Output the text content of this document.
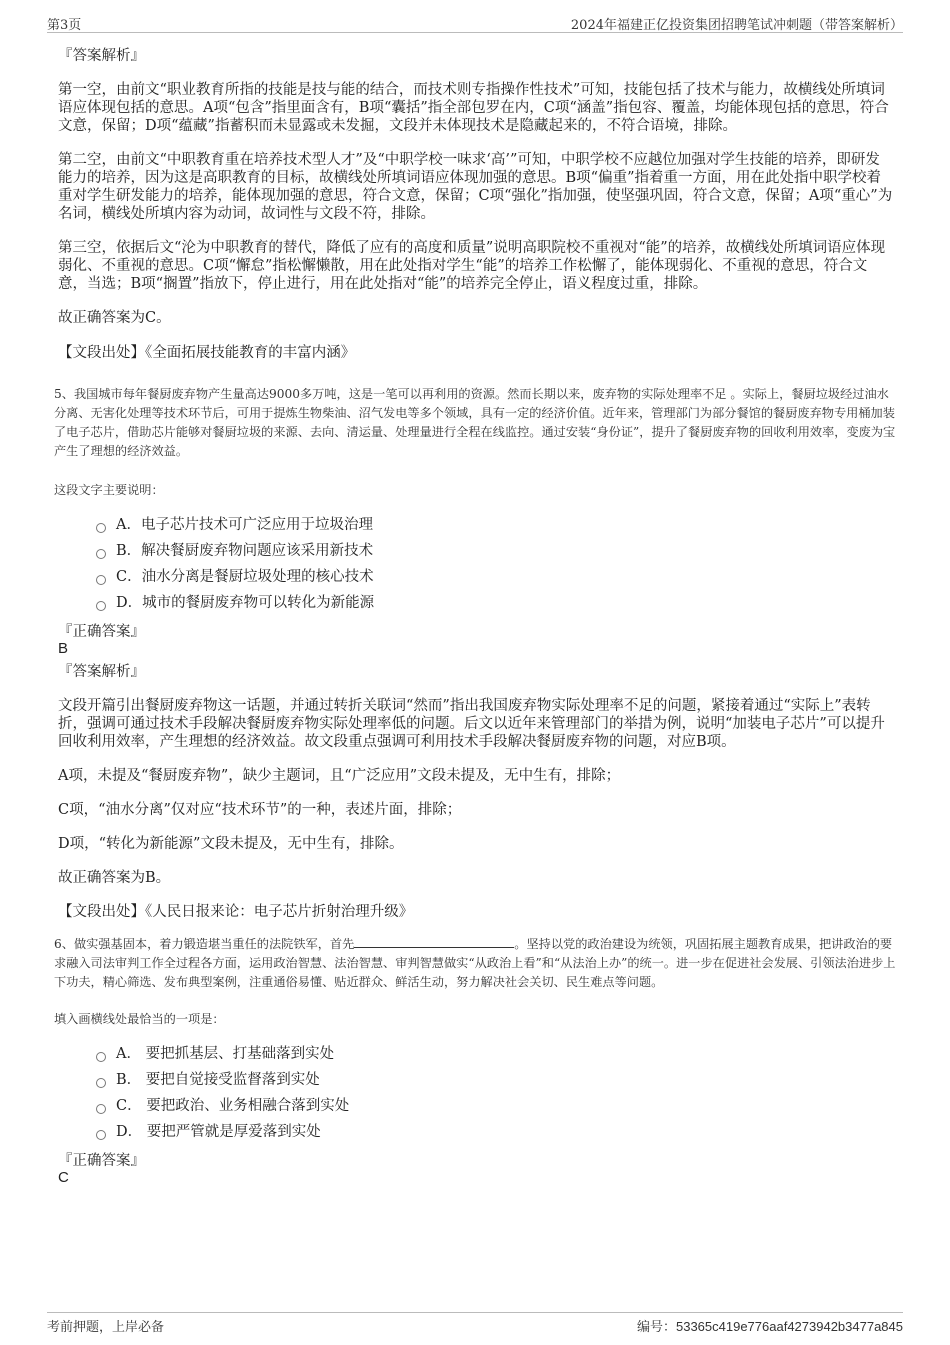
第3页	2024年福建正亿投资集团招聘笔试冲刺题（带答案解析）
『答案解析』

第一空，由前文“职业教育所指的技能是技与能的结合，而技术则专指操作性技术”可知，技能包括了技术与能力，故横线处所填词语应体现包括的意思。A项“包含”指里面含有，B项“囊括”指全部包罗在内，C项“涵盖”指包容、覆盖，均能体现包括的意思，符合文意，保留；D项“蕴藏”指蓄积而未显露或未发掘，文段并未体现技术是隐藏起来的，不符合语境，排除。

第二空，由前文“中职教育重在培养技术型人才”及“中职学校一味求‘高’”可知，中职学校不应越位加强对学生技能的培养，即研发能力的培养，因为这是高职教育的目标，故横线处所填词语应体现加强的意思。B项“偏重”指着重一方面，用在此处指中职学校着重对学生研发能力的培养，能体现加强的意思，符合文意，保留；C项“强化”指加强，使坚强巩固，符合文意，保留；A项“重心”为名词，横线处所填内容为动词，故词性与文段不符，排除。

第三空，依据后文“沦为中职教育的替代，降低了应有的高度和质量”说明高职院校不重视对“能”的培养，故横线处所填词语应体现弱化、不重视的意思。C项“懈怠”指松懈懒散，用在此处指对学生“能”的培养工作松懈了，能体现弱化、不重视的意思，符合文意，当选；B项“搁置”指放下，停止进行，用在此处指对“能”的培养完全停止，语义程度过重，排除。

故正确答案为C。
【文段出处】《全面拓展技能教育的丰富内涵》

5、我国城市每年餐厨废弃物产生量高达9000多万吨，这是一笔可以再利用的资源。然而长期以来，废弃物的实际处理率不足 。实际上，餐厨垃圾经过油水分离、无害化处理等技术环节后，可用于提炼生物柴油、沼气发电等多个领域，具有一定的经济价值。近年来，管理部门为部分餐馆的餐厨废弃物专用桶加装了电子芯片，借助芯片能够对餐厨垃圾的来源、去向、清运量、处理量进行全程在线监控。通过安装“身份证”，提升了餐厨废弃物的回收利用效率，变废为宝产生了理想的经济效益。

这段文字主要说明：
A．电子芯片技术可广泛应用于垃圾治理
B．解决餐厨废弃物问题应该采用新技术
C．油水分离是餐厨垃圾处理的核心技术
D．城市的餐厨废弃物可以转化为新能源
『正确答案』
B
『答案解析』

文段开篇引出餐厨废弃物这一话题，并通过转折关联词“然而”指出我国废弃物实际处理率不足的问题，紧接着通过“实际上”表转折，强调可通过技术手段解决餐厨废弃物实际处理率低的问题。后文以近年来管理部门的举措为例，说明“加装电子芯片”可以提升回收利用效率，产生理想的经济效益。故文段重点强调可利用技术手段解决餐厨废弃物的问题，对应B项。

A项，未提及“餐厨废弃物”，缺少主题词，且“广泛应用”文段未提及，无中生有，排除；
C项，“油水分离”仅对应“技术环节”的一种，表述片面，排除；
D项，“转化为新能源”文段未提及，无中生有，排除。
故正确答案为B。
【文段出处】《人民日报来论：电子芯片折射治理升级》

6、做实强基固本，着力锻造堪当重任的法院铁军，首先	。坚持以党的政治建设为统领，巩固拓展主题教育成果，把讲政治的要求融入司法审判工作全过程各方面，运用政治智慧、法治智慧、审判智慧做实“从政治上看”和“从法治上办”的统一。进一步在促进社会发展、引领法治进步上下功夫，精心筛选、发布典型案例，注重通俗易懂、贴近群众、鲜活生动，努力解决社会关切、民生难点等问题。

填入画横线处最恰当的一项是：
A． 要把抓基层、打基础落到实处
B． 要把自觉接受监督落到实处
C． 要把政治、业务相融合落到实处
D． 要把严管就是厚爱落到实处
『正确答案』
C
考前押题，上岸必备	编号：53365c419e776aaf4273942b3477a845
